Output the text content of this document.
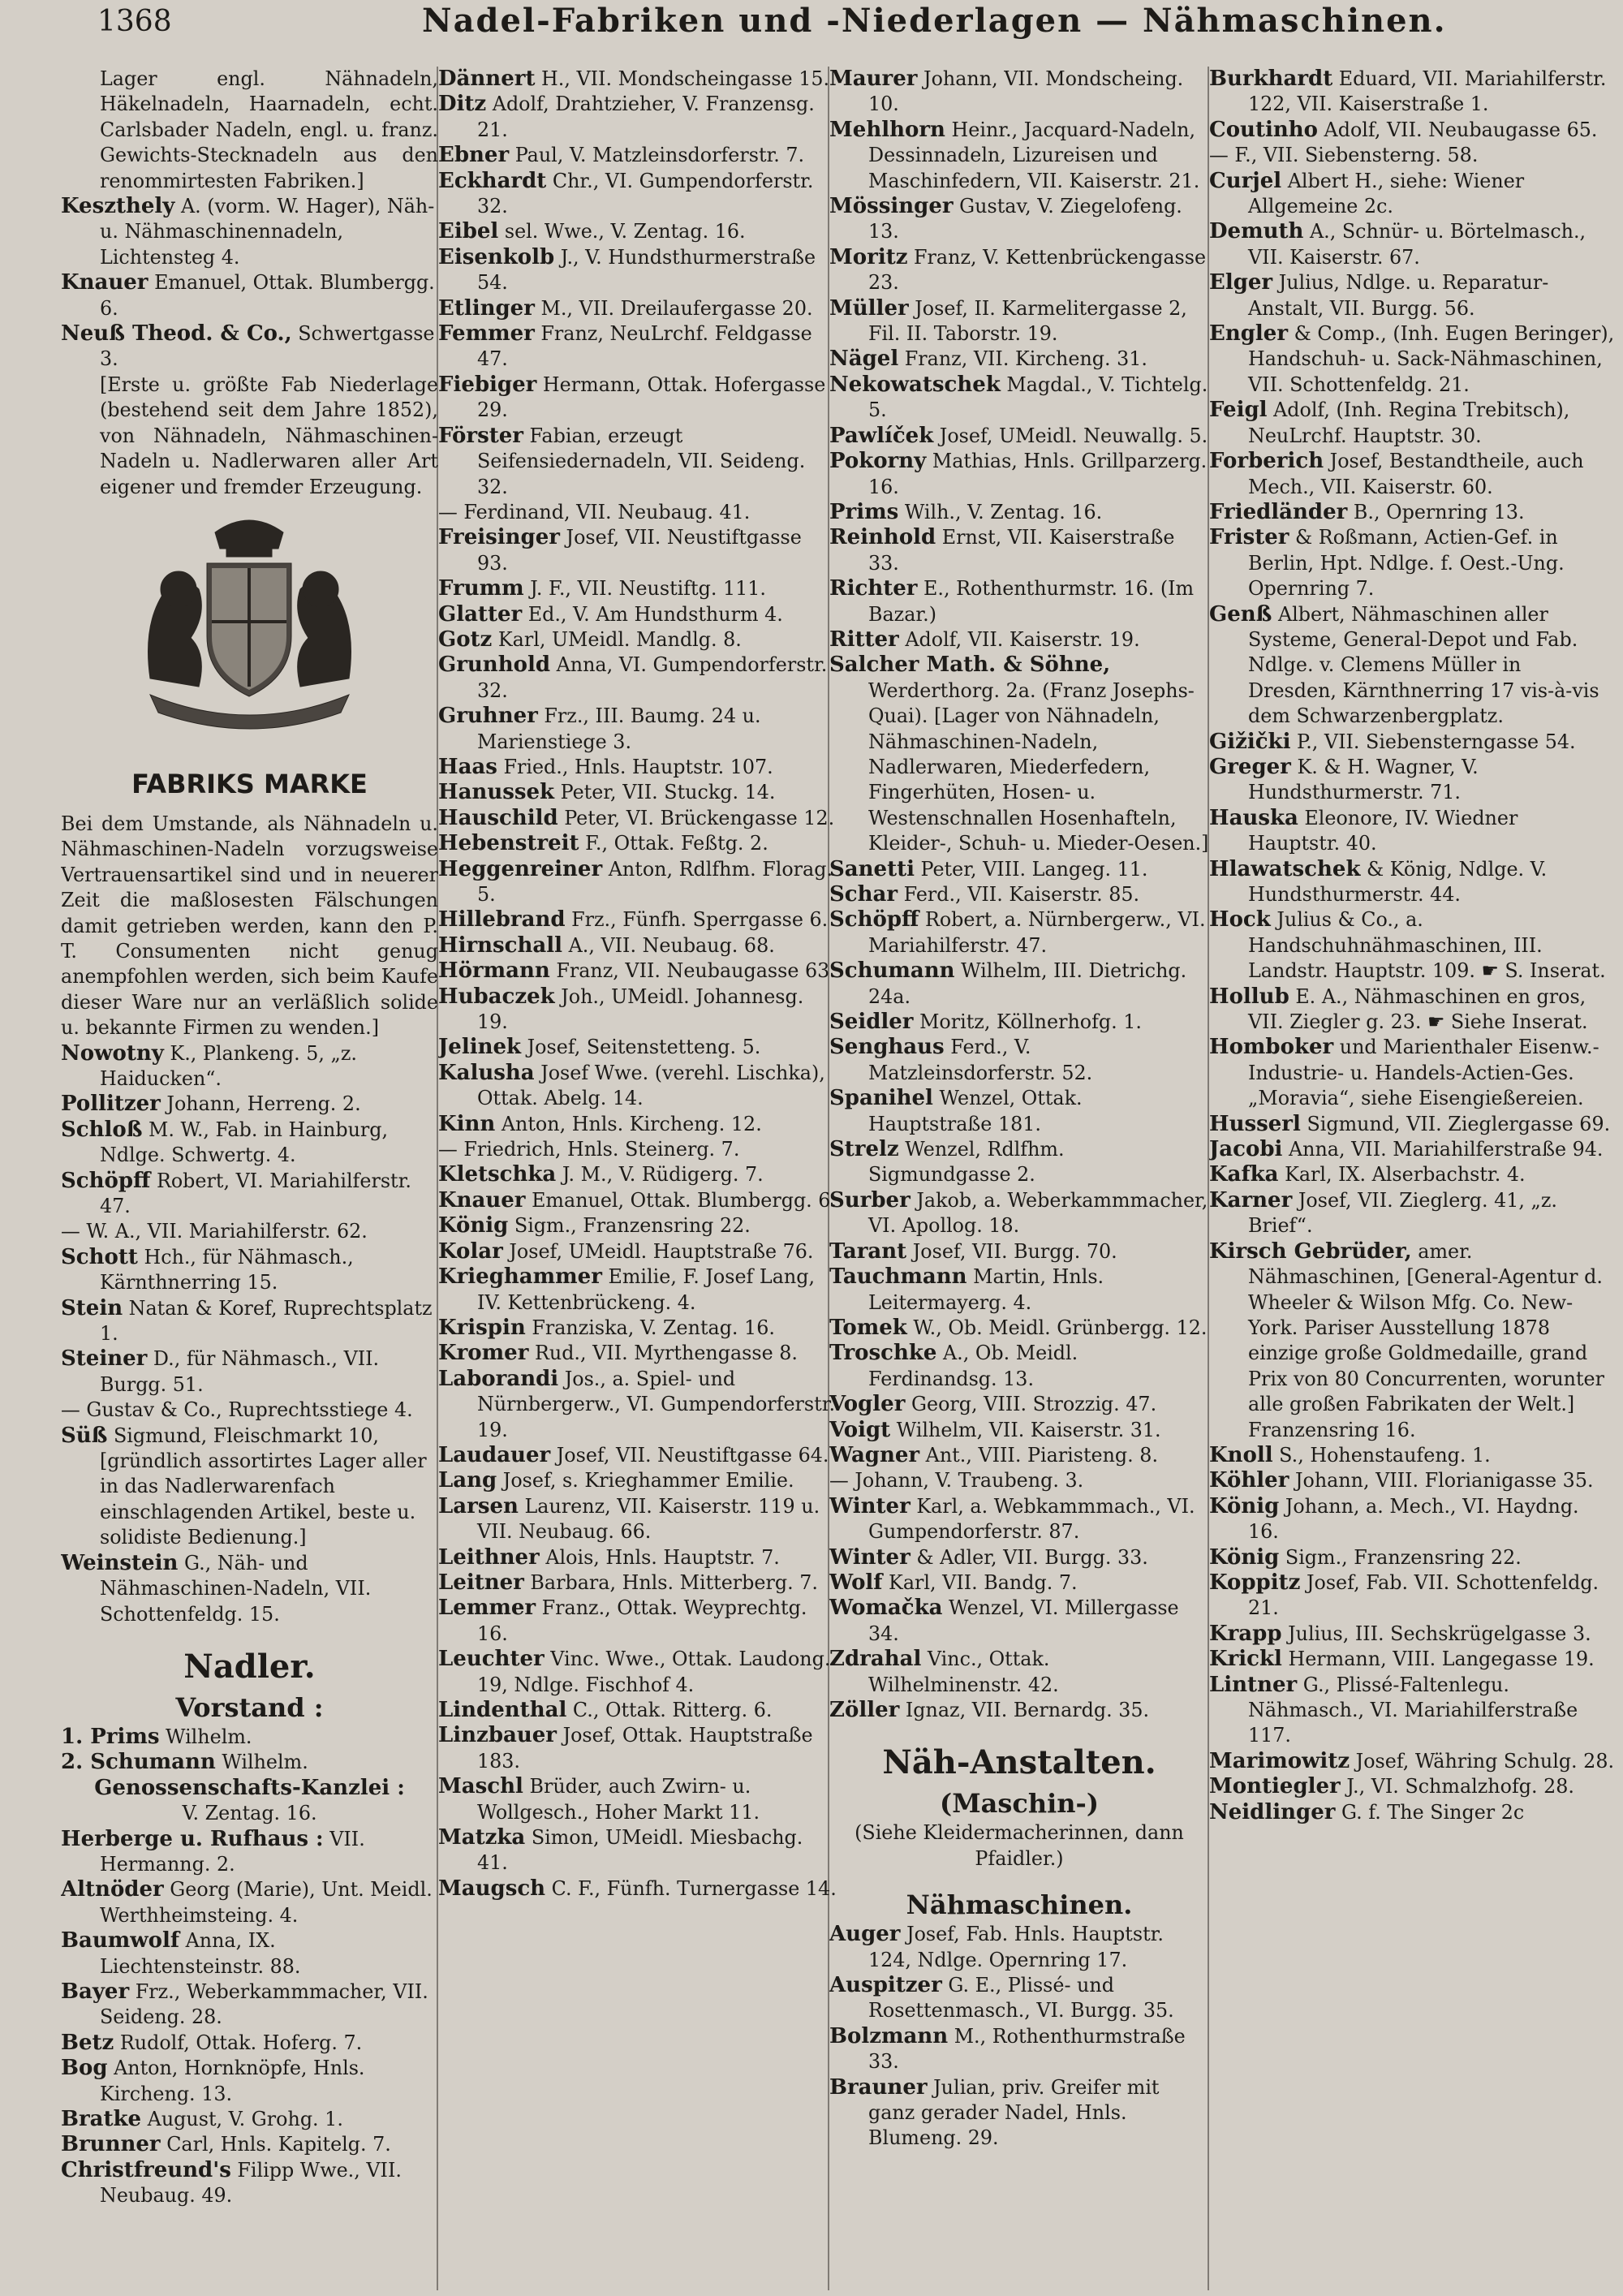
1368	Nadel-Fabriken und -Niederlagen — Nähmaschinen.

Lager engl. Nähnadeln, Häkelnadeln, Haarnadeln, echt. Carlsbader Nadeln, engl. u. franz. Gewichts-Stecknadeln aus den renommirtesten Fabriken.]

Keszthely A. (vorm. W. Hager), Näh- u. Nähmaschinennadeln, Lichtensteg 4.

Knauer Emanuel, Ottak. Blumbergg. 6.

Neuß Theod. & Co., Schwertgasse 3.

[Erste u. größte Fab Niederlage (bestehend seit dem Jahre 1852), von Nähnadeln, Nähmaschinen-Nadeln u. Nadlerwaren aller Art eigener und fremder Erzeugung.

FABRIKS MARKE

Bei dem Umstande, als Nähnadeln u. Nähmaschinen-Nadeln vorzugsweise Vertrauensartikel sind und in neuerer Zeit die maßlosesten Fälschungen damit getrieben werden, kann den P. T. Consumenten nicht genug anempfohlen werden, sich beim Kaufe dieser Ware nur an verläßlich solide u. bekannte Firmen zu wenden.]

Nowotny K., Plankeng. 5, „z. Haiducken“.

Pollitzer Johann, Herreng. 2.

Schloß M. W., Fab. in Hainburg, Ndlge. Schwertg. 4.

Schöpff Robert, VI. Mariahilferstr. 47.

— W. A., VII. Mariahilferstr. 62.

Schott Hch., für Nähmasch., Kärnthnerring 15.

Stein Natan & Koref, Ruprechtsplatz 1.

Steiner D., für Nähmasch., VII. Burgg. 51.

— Gustav & Co., Ruprechtsstiege 4.

Süß Sigmund, Fleischmarkt 10, [gründlich assortirtes Lager aller in das Nadlerwarenfach einschlagenden Artikel, beste u. solidiste Bedienung.]

Weinstein G., Näh- und Nähmaschinen-Nadeln, VII. Schottenfeldg. 15.

Nadler.

Vorstand :

1. Prims Wilhelm.

2. Schumann Wilhelm.

Genossenschafts-Kanzlei :

V. Zentag. 16.

Herberge u. Rufhaus : VII. Hermanng. 2.

Altnöder Georg (Marie), Unt. Meidl. Werthheimsteing. 4.

Baumwolf Anna, IX. Liechtensteinstr. 88.

Bayer Frz., Weberkammmacher, VII. Seideng. 28.

Betz Rudolf, Ottak. Hoferg. 7.

Bog Anton, Hornknöpfe, Hnls. Kircheng. 13.

Bratke August, V. Grohg. 1.

Brunner Carl, Hnls. Kapitelg. 7.

Christfreund's Filipp Wwe., VII. Neubaug. 49.

Dännert H., VII. Mondscheingasse 15.

Ditz Adolf, Drahtzieher, V. Franzensg. 21.

Ebner Paul, V. Matzleinsdorferstr. 7.

Eckhardt Chr., VI. Gumpendorferstr. 32.

Eibel sel. Wwe., V. Zentag. 16.

Eisenkolb J., V. Hundsthurmerstraße 54.

Etlinger M., VII. Dreilaufergasse 20.

Femmer Franz, NeuLrchf. Feldgasse 47.

Fiebiger Hermann, Ottak. Hofergasse 29.

Förster Fabian, erzeugt Seifensiedernadeln, VII. Seideng. 32.

— Ferdinand, VII. Neubaug. 41.

Freisinger Josef, VII. Neustiftgasse 93.

Frumm J. F., VII. Neustiftg. 111.

Glatter Ed., V. Am Hundsthurm 4.

Gotz Karl, UMeidl. Mandlg. 8.

Grunhold Anna, VI. Gumpendorferstr. 32.

Gruhner Frz., III. Baumg. 24 u. Marienstiege 3.

Haas Fried., Hnls. Hauptstr. 107.

Hanussek Peter, VII. Stuckg. 14.

Hauschild Peter, VI. Brückengasse 12.

Hebenstreit F., Ottak. Feßtg. 2.

Heggenreiner Anton, Rdlfhm. Florag. 5.

Hillebrand Frz., Fünfh. Sperrgasse 6.

Hirnschall A., VII. Neubaug. 68.

Hörmann Franz, VII. Neubaugasse 63.

Hubaczek Joh., UMeidl. Johannesg. 19.

Jelinek Josef, Seitenstetteng. 5.

Kalusha Josef Wwe. (verehl. Lischka), Ottak. Abelg. 14.

Kinn Anton, Hnls. Kircheng. 12.

— Friedrich, Hnls. Steinerg. 7.

Kletschka J. M., V. Rüdigerg. 7.

Knauer Emanuel, Ottak. Blumbergg. 6.

König Sigm., Franzensring 22.

Kolar Josef, UMeidl. Hauptstraße 76.

Krieghammer Emilie, F. Josef Lang, IV. Kettenbrückeng. 4.

Krispin Franziska, V. Zentag. 16.

Kromer Rud., VII. Myrthengasse 8.

Laborandi Jos., a. Spiel- und Nürnbergerw., VI. Gumpendorferstr. 19.

Laudauer Josef, VII. Neustiftgasse 64.

Lang Josef, s. Krieghammer Emilie.

Larsen Laurenz, VII. Kaiserstr. 119 u. VII. Neubaug. 66.

Leithner Alois, Hnls. Hauptstr. 7.

Leitner Barbara, Hnls. Mitterberg. 7.

Lemmer Franz., Ottak. Weyprechtg. 16.

Leuchter Vinc. Wwe., Ottak. Laudong. 19, Ndlge. Fischhof 4.

Lindenthal C., Ottak. Ritterg. 6.

Linzbauer Josef, Ottak. Hauptstraße 183.

Maschl Brüder, auch Zwirn- u. Wollgesch., Hoher Markt 11.

Matzka Simon, UMeidl. Miesbachg. 41.

Maugsch C. F., Fünfh. Turnergasse 14.

Maurer Johann, VII. Mondscheing. 10.

Mehlhorn Heinr., Jacquard-Nadeln, Dessinnadeln, Lizureisen und Maschinfedern, VII. Kaiserstr. 21.

Mössinger Gustav, V. Ziegelofeng. 13.

Moritz Franz, V. Kettenbrückengasse 23.

Müller Josef, II. Karmelitergasse 2, Fil. II. Taborstr. 19.

Nägel Franz, VII. Kircheng. 31.

Nekowatschek Magdal., V. Tichtelg. 5.

Pawlíček Josef, UMeidl. Neuwallg. 5.

Pokorny Mathias, Hnls. Grillparzerg. 16.

Prims Wilh., V. Zentag. 16.

Reinhold Ernst, VII. Kaiserstraße 33.

Richter E., Rothenthurmstr. 16. (Im Bazar.)

Ritter Adolf, VII. Kaiserstr. 19.

Salcher Math. & Söhne, Werderthorg. 2a. (Franz Josephs-Quai). [Lager von Nähnadeln, Nähmaschinen-Nadeln, Nadlerwaren, Miederfedern, Fingerhüten, Hosen- u. Westenschnallen Hosenhafteln, Kleider-, Schuh- u. Mieder-Oesen.]

Sanetti Peter, VIII. Langeg. 11.

Schar Ferd., VII. Kaiserstr. 85.

Schöpff Robert, a. Nürnbergerw., VI. Mariahilferstr. 47.

Schumann Wilhelm, III. Dietrichg. 24a.

Seidler Moritz, Köllnerhofg. 1.

Senghaus Ferd., V. Matzleinsdorferstr. 52.

Spanihel Wenzel, Ottak. Hauptstraße 181.

Strelz Wenzel, Rdlfhm. Sigmundgasse 2.

Surber Jakob, a. Weberkammmacher, VI. Apollog. 18.

Tarant Josef, VII. Burgg. 70.

Tauchmann Martin, Hnls. Leitermayerg. 4.

Tomek W., Ob. Meidl. Grünbergg. 12.

Troschke A., Ob. Meidl. Ferdinandsg. 13.

Vogler Georg, VIII. Strozzig. 47.

Voigt Wilhelm, VII. Kaiserstr. 31.

Wagner Ant., VIII. Piaristeng. 8.

— Johann, V. Traubeng. 3.

Winter Karl, a. Webkammmach., VI. Gumpendorferstr. 87.

Winter & Adler, VII. Burgg. 33.

Wolf Karl, VII. Bandg. 7.

Womačka Wenzel, VI. Millergasse 34.

Zdrahal Vinc., Ottak. Wilhelminenstr. 42.

Zöller Ignaz, VII. Bernardg. 35.

Näh-Anstalten.

(Maschin-)

(Siehe Kleidermacherinnen, dann Pfaidler.)

Nähmaschinen.

Auger Josef, Fab. Hnls. Hauptstr. 124, Ndlge. Opernring 17.

Auspitzer G. E., Plissé- und Rosettenmasch., VI. Burgg. 35.

Bolzmann M., Rothenthurmstraße 33.

Brauner Julian, priv. Greifer mit ganz gerader Nadel, Hnls. Blumeng. 29.

Burkhardt Eduard, VII. Mariahilferstr. 122, VII. Kaiserstraße 1.

Coutinho Adolf, VII. Neubaugasse 65.

— F., VII. Siebensterng. 58.

Curjel Albert H., siehe: Wiener Allgemeine 2c.

Demuth A., Schnür- u. Börtelmasch., VII. Kaiserstr. 67.

Elger Julius, Ndlge. u. Reparatur-Anstalt, VII. Burgg. 56.

Engler & Comp., (Inh. Eugen Beringer), Handschuh- u. Sack-Nähmaschinen, VII. Schottenfeldg. 21.

Feigl Adolf, (Inh. Regina Trebitsch), NeuLrchf. Hauptstr. 30.

Forberich Josef, Bestandtheile, auch Mech., VII. Kaiserstr. 60.

Friedländer B., Opernring 13.

Frister & Roßmann, Actien-Gef. in Berlin, Hpt. Ndlge. f. Oest.-Ung. Opernring 7.

Genß Albert, Nähmaschinen aller Systeme, General-Depot und Fab. Ndlge. v. Clemens Müller in Dresden, Kärnthnerring 17 vis-à-vis dem Schwarzenbergplatz.

Gižički P., VII. Siebensterngasse 54.

Greger K. & H. Wagner, V. Hundsthurmerstr. 71.

Hauska Eleonore, IV. Wiedner Hauptstr. 40.

Hlawatschek & König, Ndlge. V. Hundsthurmerstr. 44.

Hock Julius & Co., a. Handschuhnähmaschinen, III. Landstr. Hauptstr. 109. ☛ S. Inserat.

Hollub E. A., Nähmaschinen en gros, VII. Ziegler g. 23. ☛ Siehe Inserat.

Homboker und Marienthaler Eisenw.-Industrie- u. Handels-Actien-Ges. „Moravia“, siehe Eisengießereien.

Husserl Sigmund, VII. Zieglergasse 69.

Jacobi Anna, VII. Mariahilferstraße 94.

Kafka Karl, IX. Alserbachstr. 4.

Karner Josef, VII. Zieglerg. 41, „z. Brief“.

Kirsch Gebrüder, amer. Nähmaschinen, [General-Agentur d. Wheeler & Wilson Mfg. Co. New-York. Pariser Ausstellung 1878 einzige große Goldmedaille, grand Prix von 80 Concurrenten, worunter alle großen Fabrikaten der Welt.] Franzensring 16.

Knoll S., Hohenstaufeng. 1.

Köhler Johann, VIII. Florianigasse 35.

König Johann, a. Mech., VI. Haydng. 16.

König Sigm., Franzensring 22.

Koppitz Josef, Fab. VII. Schottenfeldg. 21.

Krapp Julius, III. Sechskrügelgasse 3.

Krickl Hermann, VIII. Langegasse 19.

Lintner G., Plissé-Faltenlegu. Nähmasch., VI. Mariahilferstraße 117.

Marimowitz Josef, Währing Schulg. 28.

Montiegler J., VI. Schmalzhofg. 28.

Neidlinger G. f. The Singer 2c
